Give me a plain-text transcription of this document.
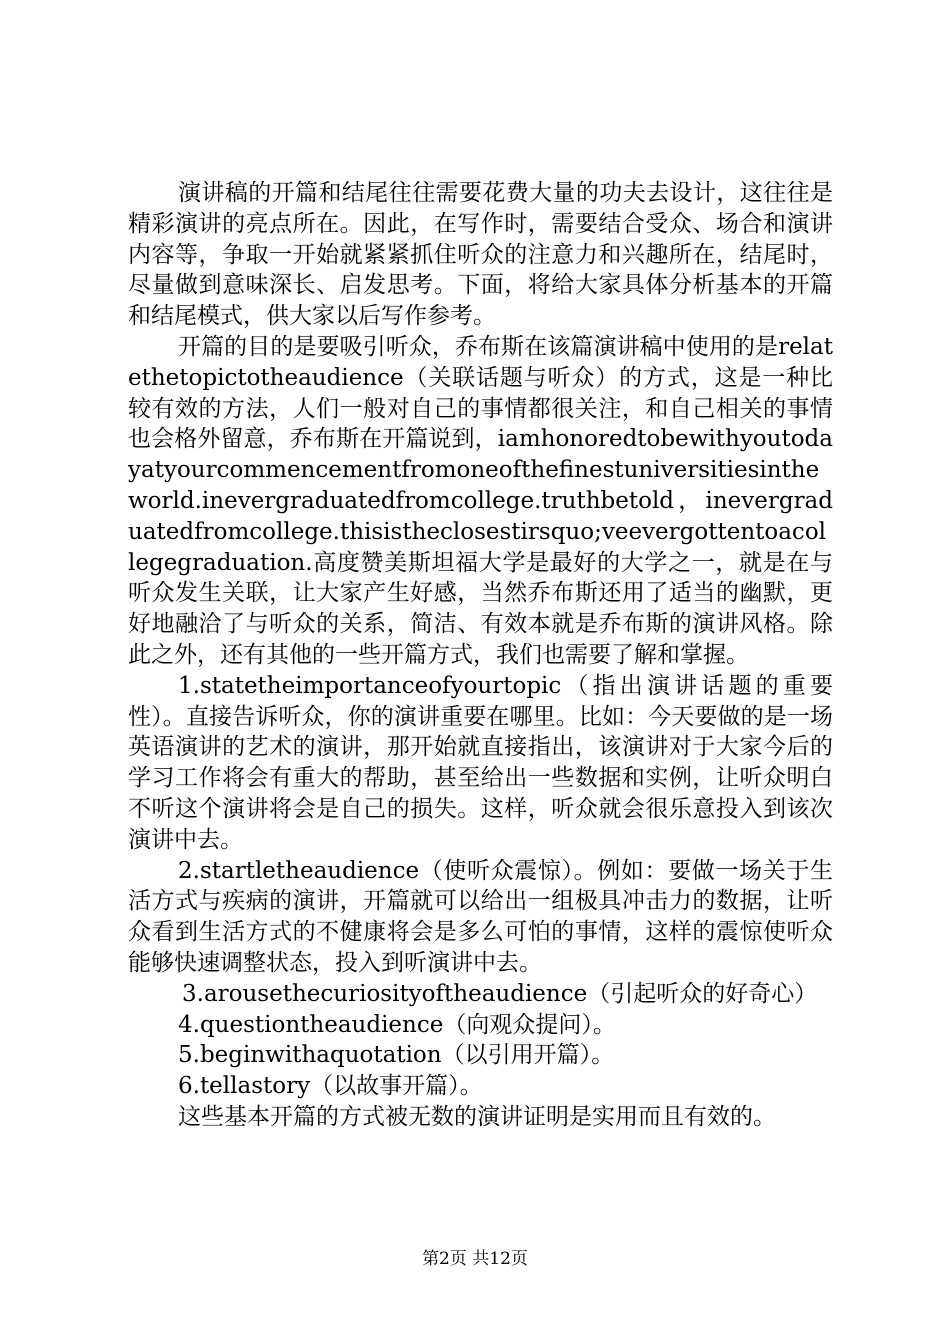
演讲稿的开篇和结尾往往需要花费大量的功夫去设计，这往往是精彩演讲的亮点所在。因此，在写作时，需要结合受众、场合和演讲内容等，争取一开始就紧紧抓住听众的注意力和兴趣所在，结尾时，尽量做到意味深长、启发思考。下面，将给大家具体分析基本的开篇和结尾模式，供大家以后写作参考。

开篇的目的是要吸引听众，乔布斯在该篇演讲稿中使用的是relatethetopictotheaudience（关联话题与听众）的方式，这是一种比较有效的方法，人们一般对自己的事情都很关注，和自己相关的事情也会格外留意，乔布斯在开篇说到，iamhonoredtobewithyoutodayatyourcommencementfromoneofthefinestuniversitiesintheworld.inevergraduatedfromcollege.truthbetold，inevergraduatedfromcollege.thisistheclosestirsquo;veevergottentoacollegegraduation.高度赞美斯坦福大学是最好的大学之一，就是在与听众发生关联，让大家产生好感，当然乔布斯还用了适当的幽默，更好地融洽了与听众的关系，简洁、有效本就是乔布斯的演讲风格。除此之外，还有其他的一些开篇方式，我们也需要了解和掌握。

1.statetheimportanceofyourtopic（指出演讲话题的重要性）。直接告诉听众，你的演讲重要在哪里。比如：今天要做的是一场英语演讲的艺术的演讲，那开始就直接指出，该演讲对于大家今后的学习工作将会有重大的帮助，甚至给出一些数据和实例，让听众明白不听这个演讲将会是自己的损失。这样，听众就会很乐意投入到该次演讲中去。

2.startletheaudience（使听众震惊）。例如：要做一场关于生活方式与疾病的演讲，开篇就可以给出一组极具冲击力的数据，让听众看到生活方式的不健康将会是多么可怕的事情，这样的震惊使听众能够快速调整状态，投入到听演讲中去。

3.arousethecuriosityoftheaudience（引起听众的好奇心）

4.questiontheaudience（向观众提问）。

5.beginwithaquotation（以引用开篇）。

6.tellastory（以故事开篇）。

这些基本开篇的方式被无数的演讲证明是实用而且有效的。

第2页 共12页
